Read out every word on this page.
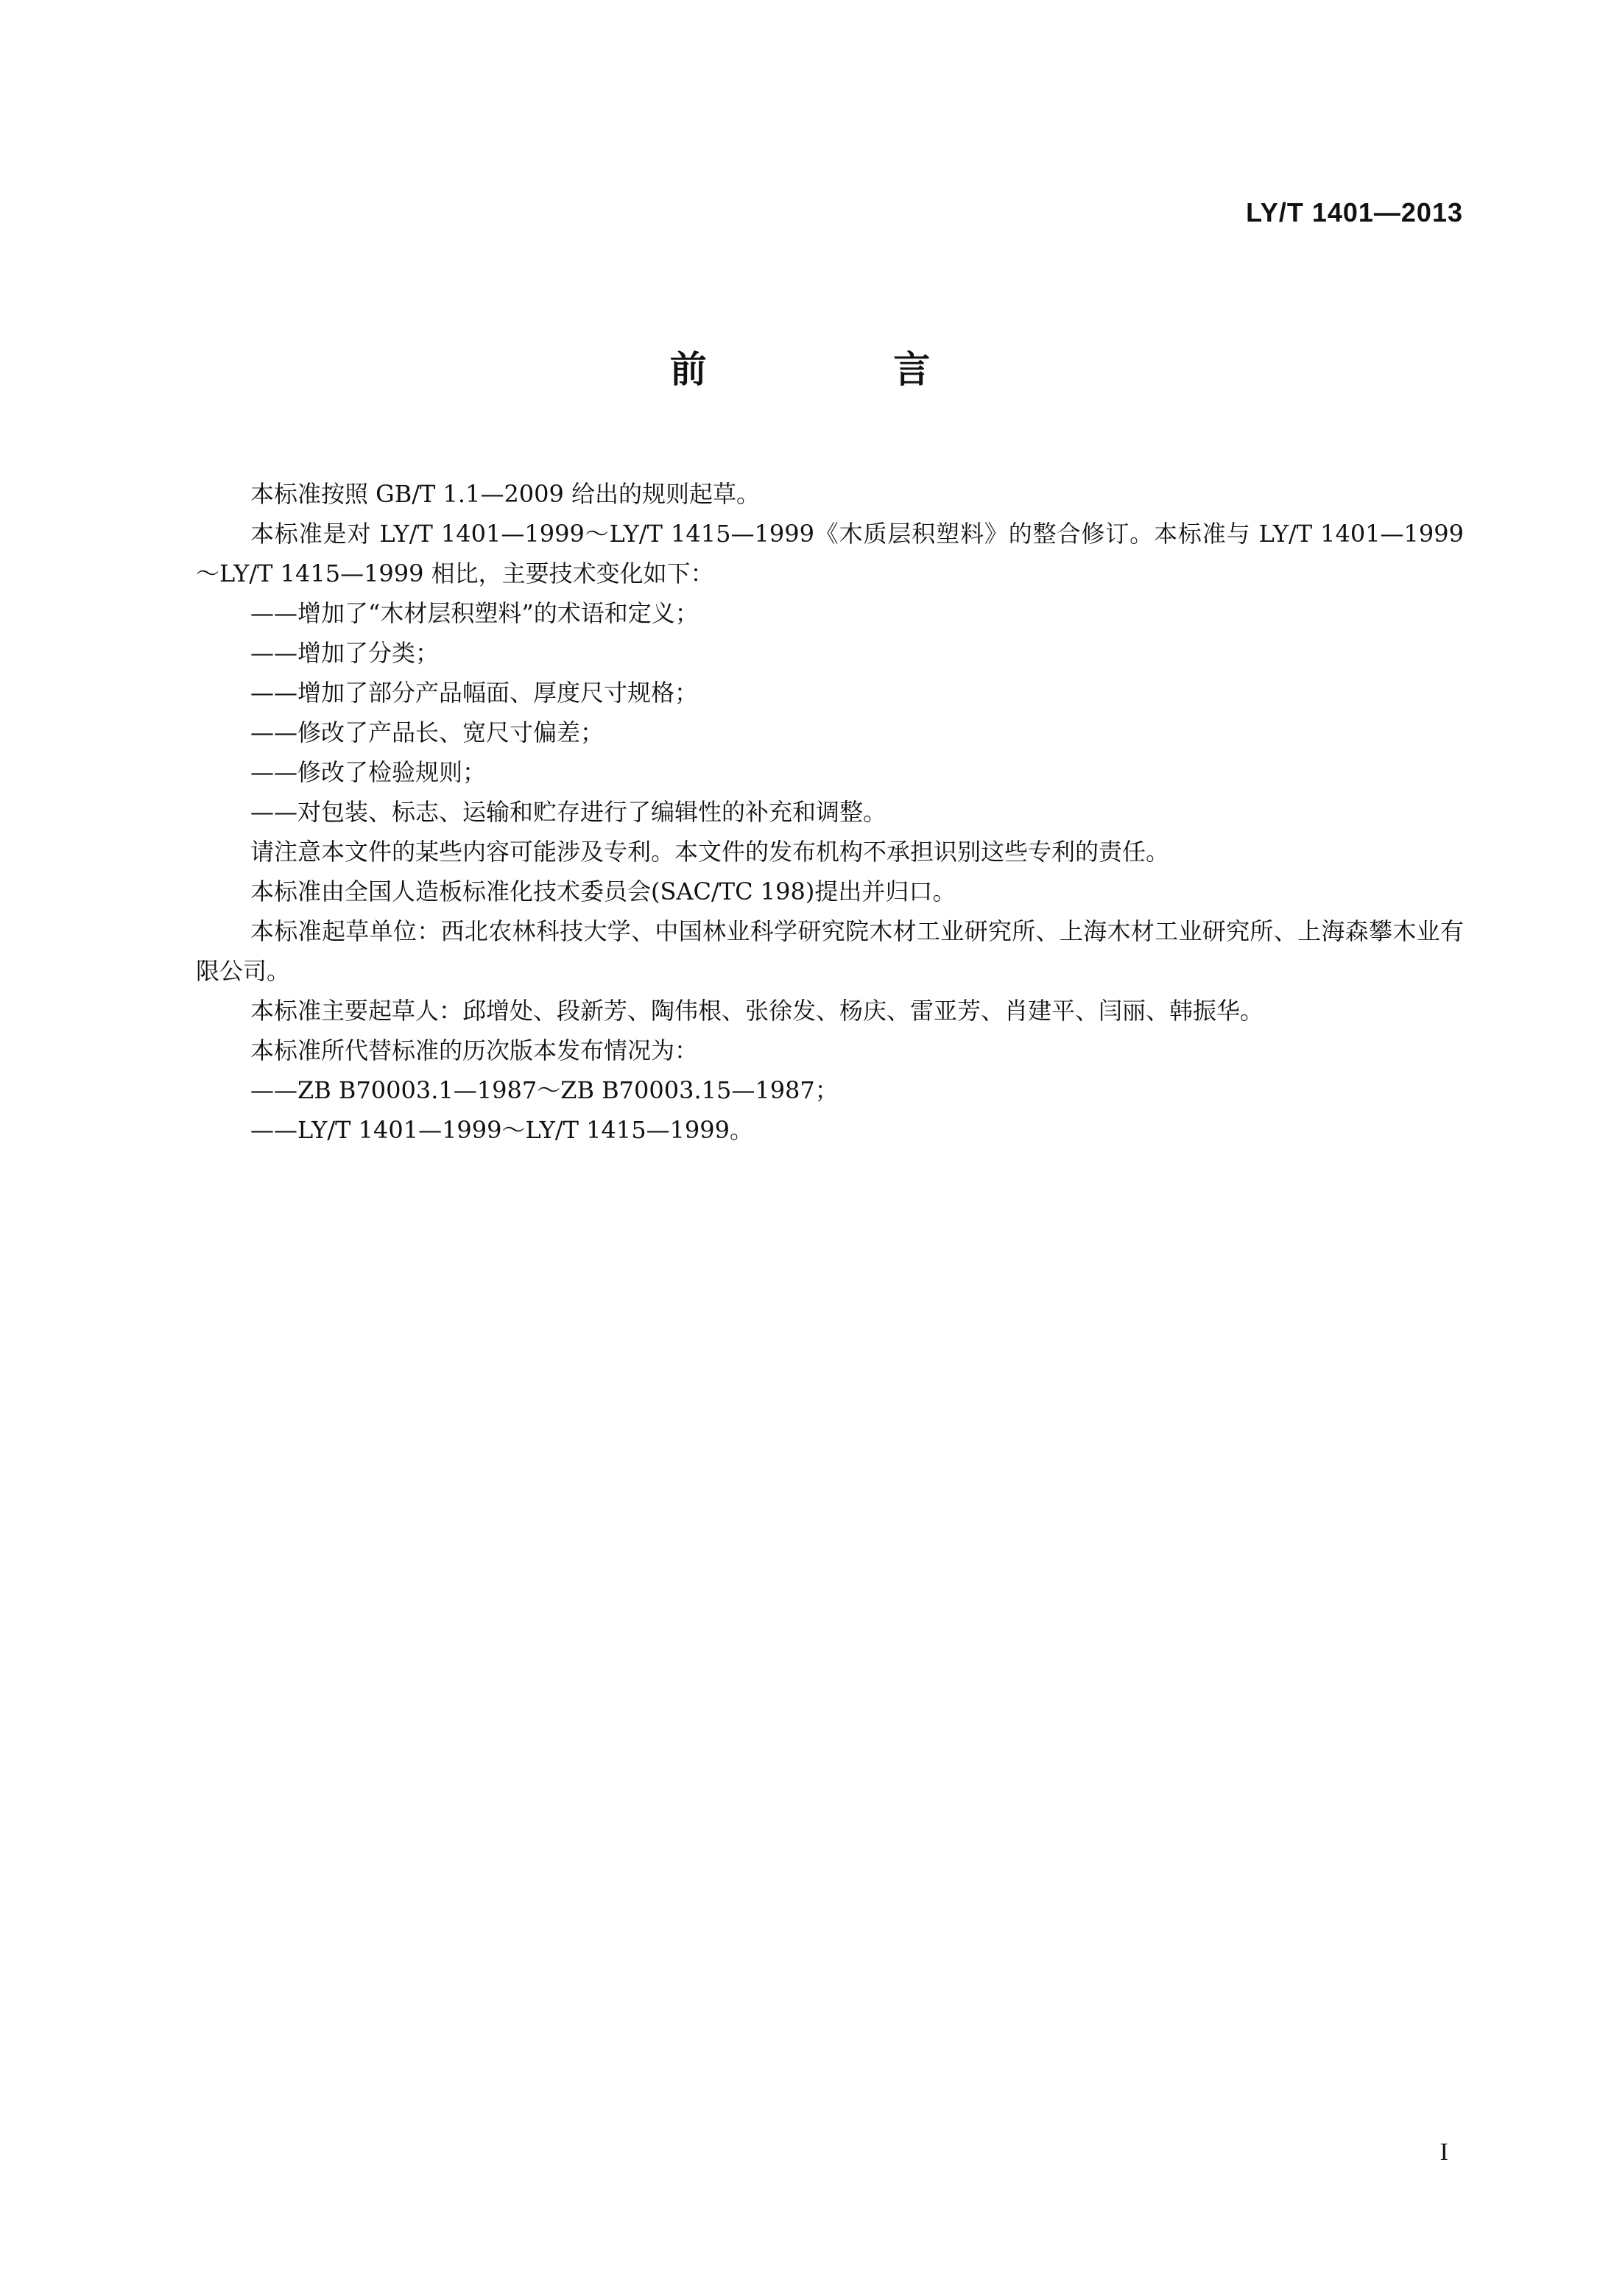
LY/T 1401—2013
前 言

本标准按照 GB/T 1.1—2009 给出的规则起草。

本标准是对 LY/T 1401—1999～LY/T 1415—1999《木质层积塑料》的整合修订。本标准与 LY/T 1401—1999～LY/T 1415—1999 相比，主要技术变化如下：

——增加了“木材层积塑料”的术语和定义；

——增加了分类；

——增加了部分产品幅面、厚度尺寸规格；

——修改了产品长、宽尺寸偏差；

——修改了检验规则；

——对包装、标志、运输和贮存进行了编辑性的补充和调整。

请注意本文件的某些内容可能涉及专利。本文件的发布机构不承担识别这些专利的责任。

本标准由全国人造板标准化技术委员会(SAC/TC 198)提出并归口。

本标准起草单位：西北农林科技大学、中国林业科学研究院木材工业研究所、上海木材工业研究所、上海森攀木业有限公司。

本标准主要起草人：邱增处、段新芳、陶伟根、张徐发、杨庆、雷亚芳、肖建平、闫丽、韩振华。

本标准所代替标准的历次版本发布情况为：

——ZB B70003.1—1987～ZB B70003.15—1987；

——LY/T 1401—1999～LY/T 1415—1999。

I
